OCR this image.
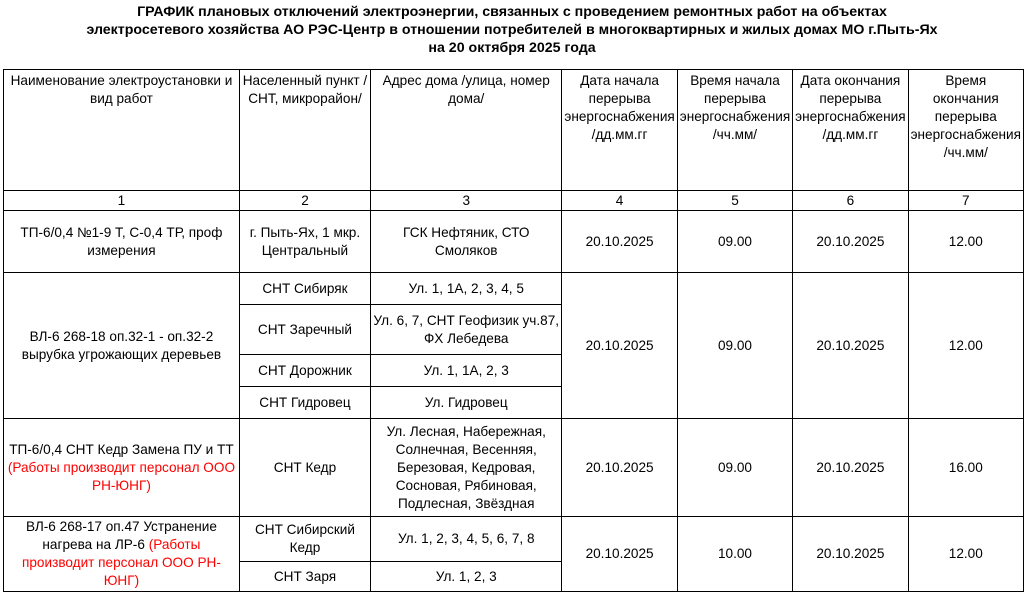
ГРАФИК плановых отключений электроэнергии, связанных с проведением ремонтных работ на объектах
электросетевого хозяйства АО РЭС-Центр в отношении потребителей в многоквартирных и жилых домах МО г.Пыть-Ях
на 20 октября 2025 года
Наименование электроустановки и вид работ	Населенный пункт /СНТ, микрорайон/	Адрес дома /улица, номер дома/	Дата начала перерыва энергоснабжения /дд.мм.гг	Время начала перерыва энергоснабжения /чч.мм/	Дата окончания перерыва энергоснабжения /дд.мм.гг	Время окончания перерыва энергоснабжения /чч.мм/
1	2	3	4	5	6	7
ТП-6/0,4 №1-9 Т, С-0,4 ТР, проф измерения	г. Пыть-Ях, 1 мкр. Центральный	ГСК Нефтяник, СТО Смоляков	20.10.2025	09.00	20.10.2025	12.00
ВЛ-6 268-18 оп.32-1 - оп.32-2 вырубка угрожающих деревьев	СНТ Сибиряк	Ул. 1, 1А, 2, 3, 4, 5	20.10.2025	09.00	20.10.2025	12.00
	СНТ Заречный	Ул. 6, 7, СНТ Геофизик уч.87, ФХ Лебедева				
	СНТ Дорожник	Ул. 1, 1А, 2, 3				
	СНТ Гидровец	Ул. Гидровец				
ТП-6/0,4 СНТ Кедр Замена ПУ и ТТ (Работы производит персонал ООО РН-ЮНГ)	СНТ Кедр	Ул. Лесная, Набережная, Солнечная, Весенняя, Березовая, Кедровая, Сосновая, Рябиновая, Подлесная, Звёздная	20.10.2025	09.00	20.10.2025	16.00
ВЛ-6 268-17 оп.47 Устранение нагрева на ЛР-6 (Работы производит персонал ООО РН-ЮНГ)	СНТ Сибирский Кедр	Ул. 1, 2, 3, 4, 5, 6, 7, 8	20.10.2025	10.00	20.10.2025	12.00
	СНТ Заря	Ул. 1, 2, 3				
